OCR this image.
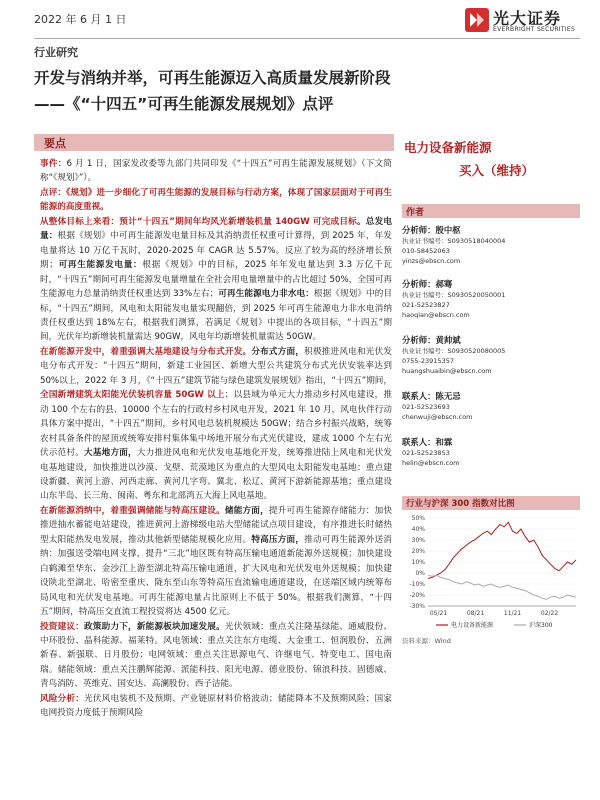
2022 年 6 月 1 日	光大证券
EVERBRIGHT SECURITIES
行业研究
开发与消纳并举，可再生能源迈入高质量发展新阶段
——《“十四五”可再生能源发展规划》点评
要点
事件：6 月 1 日，国家发改委等九部门共同印发《“十四五”可再生能源发展规划》（下文简称“《规划》”）。
点评：《规划》进一步细化了可再生能源的发展目标与行动方案，体现了国家层面对于可再生能源的高度重视。
从整体目标上来看：预计“十四五”期间年均风光新增装机量 140GW 可完成目标。总发电量：根据《规划》中可再生能源发电量目标及其消纳责任权重可计算得，到 2025 年，年发电量将达 10 万亿千瓦时，2020-2025 年 CAGR 达 5.57%。反应了较为高的经济增长预期；可再生能源发电量：根据《规划》中的目标，2025 年年发电量达到 3.3 万亿千瓦时，“十四五”期间可再生能源发电量增量在全社会用电量增量中的占比超过 50%，全国可再生能源电力总量消纳责任权重达到 33%左右；可再生能源电力非水电：根据《规划》中的目标，“十四五”期间，风电和太阳能发电量实现翻倍，到 2025 年可再生能源电力非水电消纳责任权重达到 18%左右，根据我们测算，若满足《规划》中提出的各项目标，“十四五”期间，光伏年均新增装机量需达 90GW，风电年均新增装机量需达 50GW。
在新能源开发中，着重强调大基地建设与分布式开发。分布式方面，积极推进风电和光伏发电分布式开发：“十四五”期间，新建工业园区、新增大型公共建筑分布式光伏安装率达到 50%以上，2022 年 3 月，《“十四五”建筑节能与绿色建筑发展规划》指出，“十四五”期间，全国新增建筑太阳能光伏装机容量 50GW 以上；以县域为单元大力推动乡村风电建设，推动 100 个左右的县、10000 个左右的行政村乡村风电开发，2021 年 10 月，风电伙伴行动具体方案中提出，“十四五”期间，乡村风电总装机规模达 50GW；结合乡村振兴战略，统筹农村具备条件的屋顶或统筹安排村集体集中场地开展分布式光伏建设，建成 1000 个左右光伏示范村。大基地方面，大力推进风电和光伏发电基地化开发，统筹推进陆上风电和光伏发电基地建设，加快推进以沙漠、戈壁、荒漠地区为重点的大型风电太阳能发电基地：重点建设新疆、黄河上游、河西走廊、黄河几字弯、冀北、松辽、黄河下游新能源基地；重点建设山东半岛、长三角、闽南、粤东和北部湾五大海上风电基地。
在新能源消纳中，着重强调储能与特高压建设。储能方面，提升可再生能源存储能力：加快推进抽水蓄能电站建设，推进黄河上游梯级电站大型储能试点项目建设，有序推进长时储热型太阳能热发电发展，推动其他新型储能规模化应用。特高压方面，推动可再生能源外送消纳：加强送受端电网支撑，提升“三北”地区既有特高压输电通道新能源外送规模；加快建设白鹤滩至华东、金沙江上游至湖北特高压输电通道，扩大风电和光伏发电外送规模；加快建设陕北至湖北、哈密至重庆、陇东至山东等特高压直流输电通道建设，在送端区域内统筹布局风电和光伏发电基地。可再生能源电量占比原则上不低于 50%。根据我们测算，“十四五”期间，特高压交直流工程投资将达 4500 亿元。
投资建议：政策助力下，新能源板块加速发展。光伏领域：重点关注隆基绿能、通威股份、中环股份、晶科能源、福莱特。风电领域：重点关注东方电缆、大金重工、恒润股份、五洲新春、新强联、日月股份；电网领域：重点关注思源电气、许继电气、特变电工、国电南瑞。储能领域：重点关注鹏辉能源、派能科技、阳光电源、德业股份、锦浪科技、固德威、青鸟消防、英维克、国安达、高澜股份、西子洁能。
风险分析：光伏风电装机不及预期、产业链原材料价格波动；储能降本不及预期风险；国家电网投资力度低于预期风险
电力设备新能源
买入（维持）
作者
分析师：殷中枢
执业证书编号：S0930518040004
010-58452063
yinzs@ebscn.com
分析师：郝骞
执业证书编号：S0930520050001
021-52523827
haoqian@ebscn.com
分析师：黄帅斌
执业证书编号：S0930520080005
0755-23915357
huangshuaibin@ebscn.com
联系人：陈无忌
021-52523693
chenwuji@ebscn.com
联系人：和霖
021-52523853
helin@ebscn.com
行业与沪深 300 指数对比图
-30%
-20%
-10%
0%
10%
20%
30%
40%
50%
05/21	08/21	11/21	02/22
电力设备新能源	沪深300
资料来源：Wind
